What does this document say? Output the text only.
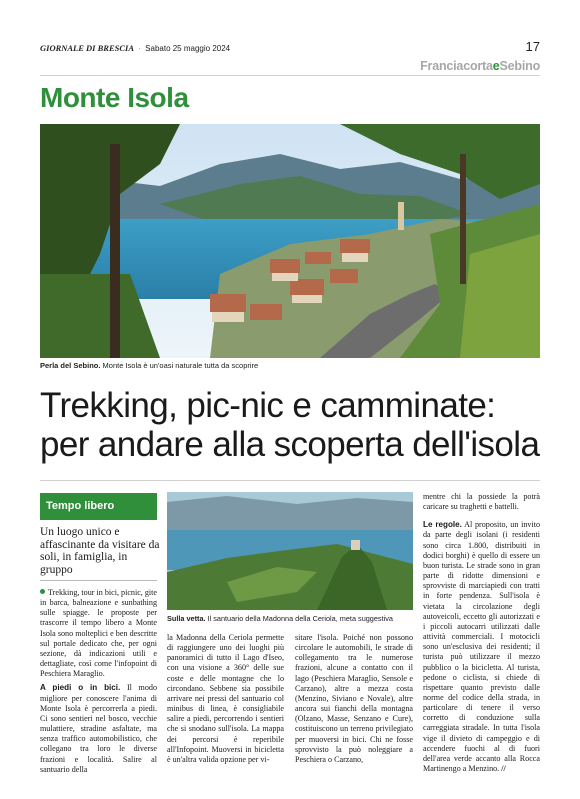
GIORNALE DI BRESCIA · Sabato 25 maggio 2024	17
FranciacortaeSebino
Monte Isola
Perla del Sebino. Monte Isola è un'oasi naturale tutta da scoprire
Trekking, pic-nic e camminate:
per andare alla scoperta dell'isola
Tempo libero
Un luogo unico e affascinante da visitare da soli, in famiglia, in gruppo

Trekking, tour in bici, picnic, gite in barca, balneazione e sunbathing sulle spiagge. le proposte per trascorre il tempo libero a Monte Isola sono molteplici e ben descritte sul portale dedicato che, per ogni sezione, dà indicazioni utili e dettagliate, così come l'infopoint di Peschiera Maraglio.

A piedi o in bici. Il modo migliore per conoscere l'anima di Monte Isola è percorrerla a piedi. Ci sono sentieri nel bosco, vecchie mulattiere, stradine asfaltate, ma senza traffico automobilistico, che collegano tra loro le diverse frazioni e località. Salire al santuario della

Sulla vetta. Il santuario della Madonna della Ceriola, meta suggestiva

la Madonna della Ceriola permette di raggiungere uno dei luoghi più panoramici di tutto il Lago d'Iseo, con una visione a 360° delle sue coste e delle montagne che lo circondano. Sebbene sia possibile arrivare nei pressi del santuario col minibus di linea, è consigliabile salire a piedi, percorrendo i sentieri che si snodano sull'isola. La mappa dei percorsi è reperibile all'Infopoint. Muoversi in bicicletta è un'altra valida opzione per vi-

sitare l'isola. Poiché non possono circolare le automobili, le strade di collegamento tra le numerose frazioni, alcune a contatto con il lago (Peschiera Maraglio, Sensole e Carzano), altre a mezza costa (Menzino, Siviano e Novale), altre ancora sui fianchi della montagna (Olzano, Masse, Senzano e Cure), costituiscono un terreno privilegiato per muoversi in bici. Chi ne fosse sprovvisto la può noleggiare a Peschiera o Carzano,

mentre chi la possiede la potrà caricare su traghetti e battelli.

Le regole. Al proposito, un invito da parte degli isolani (i residenti sono circa 1.800, distribuiti in dodici borghi) è quello di essere un buon turista. Le strade sono in gran parte di ridotte dimensioni e sprovviste di marciapiedi con tratti in forte pendenza. Sull'isola è vietata la circolazione degli autoveicoli, eccetto gli autorizzati e i piccoli autocarri utilizzati dalle attività commerciali. I motocicli sono un'esclusiva dei residenti; il turista può utilizzare il mezzo pubblico o la bicicletta. Al turista, pedone o ciclista, si chiede di rispettare quanto previsto dalle norme del codice della strada, in particolare di tenere il verso corretto di conduzione sulla carreggiata stradale. In tutta l'isola vige il divieto di campeggio e di accendere fuochi al di fuori dell'area verde accanto alla Rocca Martinengo a Menzino. //
